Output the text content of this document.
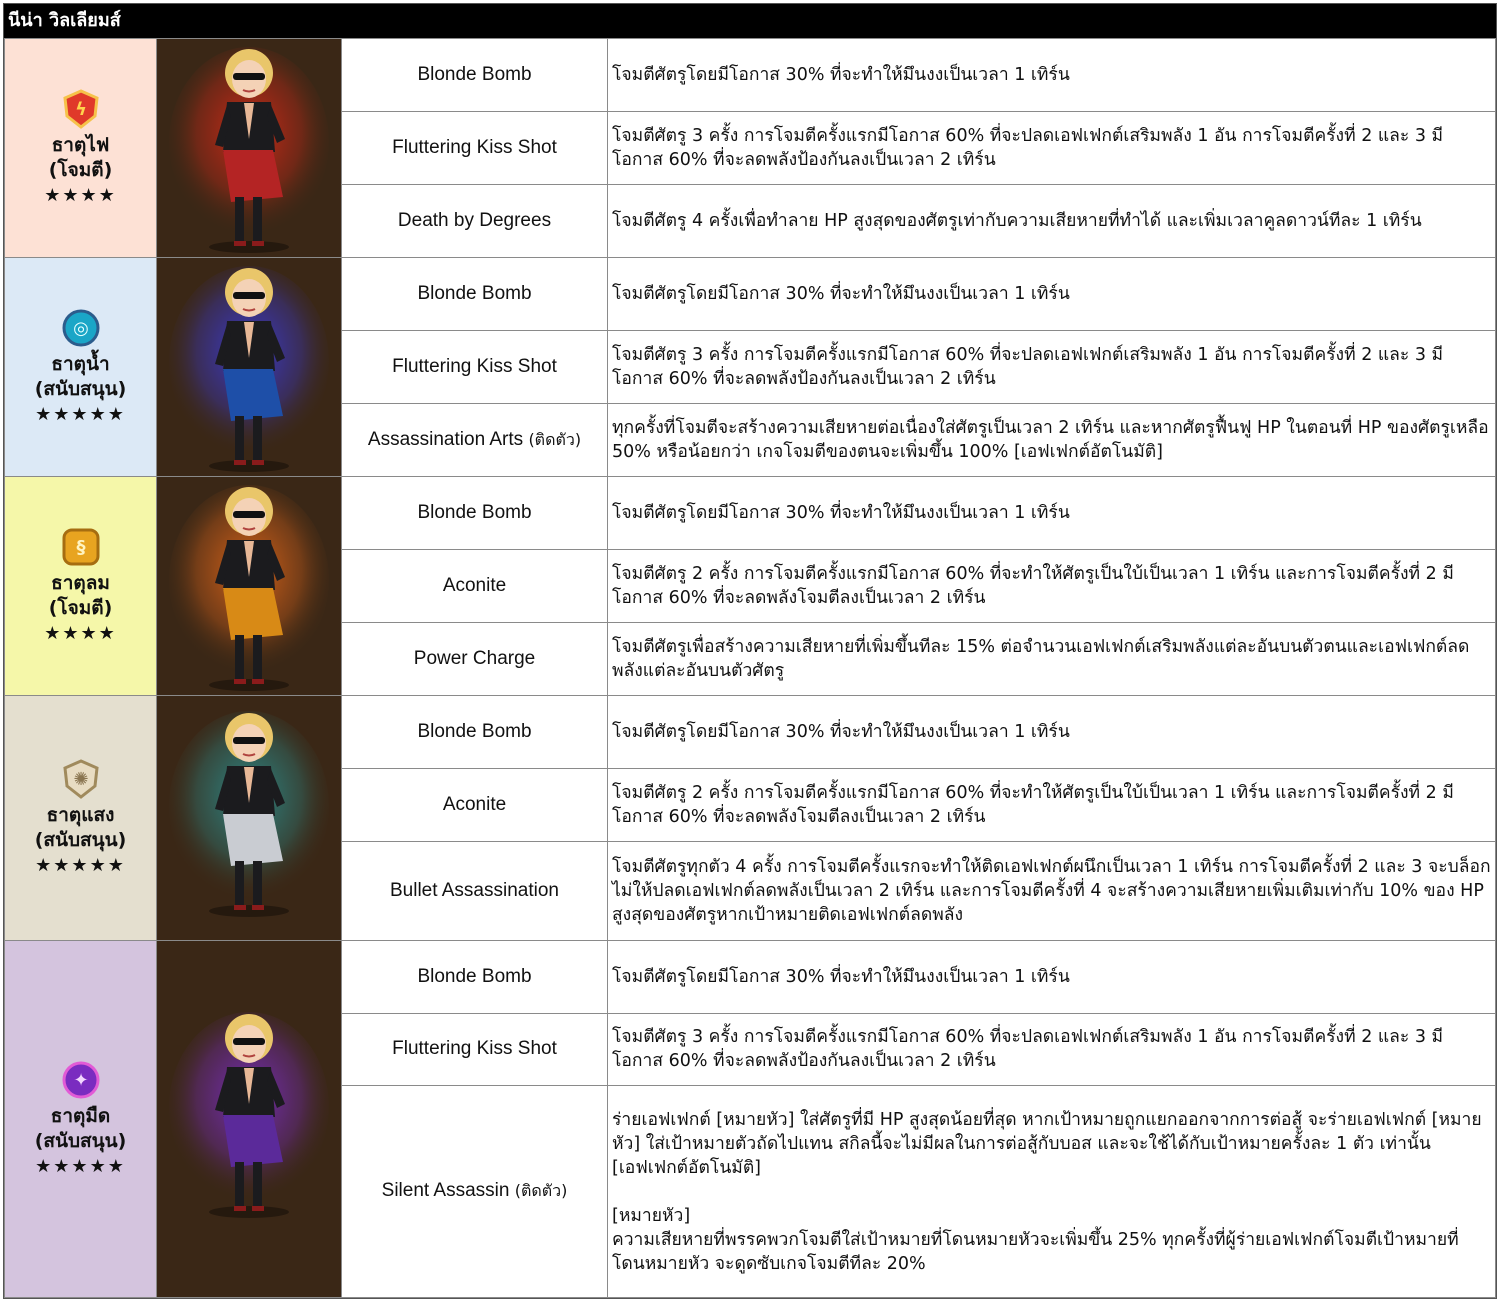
นีน่า วิลเลียมส์
ϟ
ธาตุไฟ
(โจมตี)
★★★★		Blonde Bomb	โจมตีศัตรูโดยมีโอกาส 30% ที่จะทำให้มึนงงเป็นเวลา 1 เทิร์น
		Fluttering Kiss Shot	โจมตีศัตรู 3 ครั้ง การโจมตีครั้งแรกมีโอกาส 60% ที่จะปลดเอฟเฟกต์เสริมพลัง 1 อัน การโจมตีครั้งที่ 2 และ 3 มีโอกาส 60% ที่จะลดพลังป้องกันลงเป็นเวลา 2 เทิร์น
		Death by Degrees	โจมตีศัตรู 4 ครั้งเพื่อทำลาย HP สูงสุดของศัตรูเท่ากับความเสียหายที่ทำได้ และเพิ่มเวลาคูลดาวน์ทีละ 1 เทิร์น

◎
ธาตุน้ำ
(สนับสนุน)
★★★★★		Blonde Bomb	โจมตีศัตรูโดยมีโอกาส 30% ที่จะทำให้มึนงงเป็นเวลา 1 เทิร์น
		Fluttering Kiss Shot	โจมตีศัตรู 3 ครั้ง การโจมตีครั้งแรกมีโอกาส 60% ที่จะปลดเอฟเฟกต์เสริมพลัง 1 อัน การโจมตีครั้งที่ 2 และ 3 มีโอกาส 60% ที่จะลดพลังป้องกันลงเป็นเวลา 2 เทิร์น
		Assassination Arts (ติดตัว)	ทุกครั้งที่โจมตีจะสร้างความเสียหายต่อเนื่องใส่ศัตรูเป็นเวลา 2 เทิร์น และหากศัตรูฟื้นฟู HP ในตอนที่ HP ของศัตรูเหลือ 50% หรือน้อยกว่า เกจโจมตีของตนจะเพิ่มขึ้น 100% [เอฟเฟกต์อัตโนมัติ]

§
ธาตุลม
(โจมตี)
★★★★		Blonde Bomb	โจมตีศัตรูโดยมีโอกาส 30% ที่จะทำให้มึนงงเป็นเวลา 1 เทิร์น
		Aconite	โจมตีศัตรู 2 ครั้ง การโจมตีครั้งแรกมีโอกาส 60% ที่จะทำให้ศัตรูเป็นใบ้เป็นเวลา 1 เทิร์น และการโจมตีครั้งที่ 2 มีโอกาส 60% ที่จะลดพลังโจมตีลงเป็นเวลา 2 เทิร์น
		Power Charge	โจมตีศัตรูเพื่อสร้างความเสียหายที่เพิ่มขึ้นทีละ 15% ต่อจำนวนเอฟเฟกต์เสริมพลังแต่ละอันบนตัวตนและเอฟเฟกต์ลดพลังแต่ละอันบนตัวศัตรู

✺
ธาตุแสง
(สนับสนุน)
★★★★★		Blonde Bomb	โจมตีศัตรูโดยมีโอกาส 30% ที่จะทำให้มึนงงเป็นเวลา 1 เทิร์น
		Aconite	โจมตีศัตรู 2 ครั้ง การโจมตีครั้งแรกมีโอกาส 60% ที่จะทำให้ศัตรูเป็นใบ้เป็นเวลา 1 เทิร์น และการโจมตีครั้งที่ 2 มีโอกาส 60% ที่จะลดพลังโจมตีลงเป็นเวลา 2 เทิร์น
		Bullet Assassination	โจมตีศัตรูทุกตัว 4 ครั้ง การโจมตีครั้งแรกจะทำให้ติดเอฟเฟกต์ผนึกเป็นเวลา 1 เทิร์น การโจมตีครั้งที่ 2 และ 3 จะบล็อกไม่ให้ปลดเอฟเฟกต์ลดพลังเป็นเวลา 2 เทิร์น และการโจมตีครั้งที่ 4 จะสร้างความเสียหายเพิ่มเติมเท่ากับ 10% ของ HP สูงสุดของศัตรูหากเป้าหมายติดเอฟเฟกต์ลดพลัง

✦
ธาตุมืด
(สนับสนุน)
★★★★★		Blonde Bomb	โจมตีศัตรูโดยมีโอกาส 30% ที่จะทำให้มึนงงเป็นเวลา 1 เทิร์น
		Fluttering Kiss Shot	โจมตีศัตรู 3 ครั้ง การโจมตีครั้งแรกมีโอกาส 60% ที่จะปลดเอฟเฟกต์เสริมพลัง 1 อัน การโจมตีครั้งที่ 2 และ 3 มีโอกาส 60% ที่จะลดพลังป้องกันลงเป็นเวลา 2 เทิร์น
		Silent Assassin (ติดตัว)	ร่ายเอฟเฟกต์ [หมายหัว] ใส่ศัตรูที่มี HP สูงสุดน้อยที่สุด หากเป้าหมายถูกแยกออกจากการต่อสู้ จะร่ายเอฟเฟกต์ [หมายหัว] ใส่เป้าหมายตัวถัดไปแทน สกิลนี้จะไม่มีผลในการต่อสู้กับบอส และจะใช้ได้กับเป้าหมายครั้งละ 1 ตัว เท่านั้น [เอฟเฟกต์อัตโนมัติ]

[หมายหัว]
ความเสียหายที่พรรคพวกโจมตีใส่เป้าหมายที่โดนหมายหัวจะเพิ่มขึ้น 25% ทุกครั้งที่ผู้ร่ายเอฟเฟกต์โจมตีเป้าหมายที่โดนหมายหัว จะดูดซับเกจโจมตีทีละ 20%
